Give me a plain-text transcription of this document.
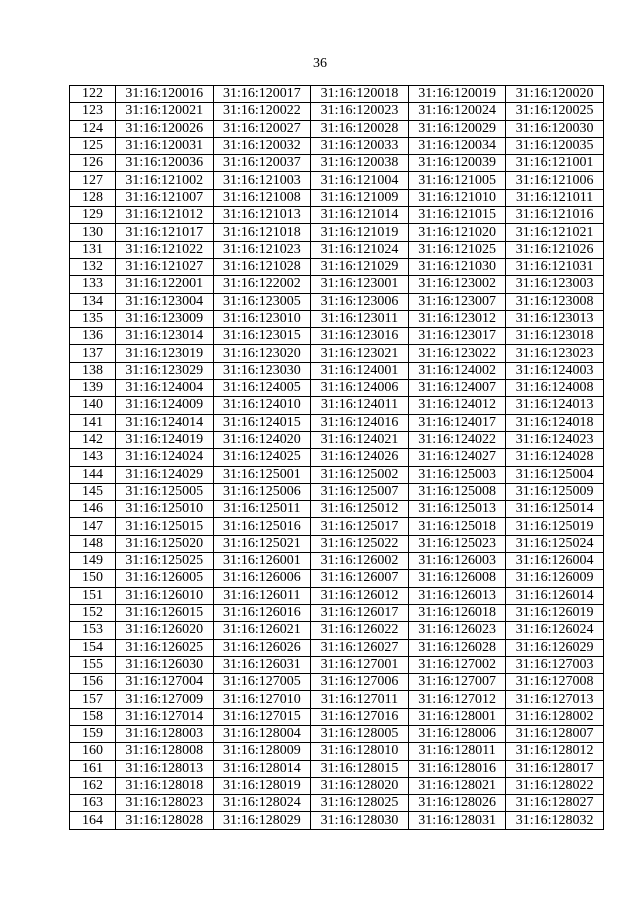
36
122	31:16:120016	31:16:120017	31:16:120018	31:16:120019	31:16:120020
123	31:16:120021	31:16:120022	31:16:120023	31:16:120024	31:16:120025
124	31:16:120026	31:16:120027	31:16:120028	31:16:120029	31:16:120030
125	31:16:120031	31:16:120032	31:16:120033	31:16:120034	31:16:120035
126	31:16:120036	31:16:120037	31:16:120038	31:16:120039	31:16:121001
127	31:16:121002	31:16:121003	31:16:121004	31:16:121005	31:16:121006
128	31:16:121007	31:16:121008	31:16:121009	31:16:121010	31:16:121011
129	31:16:121012	31:16:121013	31:16:121014	31:16:121015	31:16:121016
130	31:16:121017	31:16:121018	31:16:121019	31:16:121020	31:16:121021
131	31:16:121022	31:16:121023	31:16:121024	31:16:121025	31:16:121026
132	31:16:121027	31:16:121028	31:16:121029	31:16:121030	31:16:121031
133	31:16:122001	31:16:122002	31:16:123001	31:16:123002	31:16:123003
134	31:16:123004	31:16:123005	31:16:123006	31:16:123007	31:16:123008
135	31:16:123009	31:16:123010	31:16:123011	31:16:123012	31:16:123013
136	31:16:123014	31:16:123015	31:16:123016	31:16:123017	31:16:123018
137	31:16:123019	31:16:123020	31:16:123021	31:16:123022	31:16:123023
138	31:16:123029	31:16:123030	31:16:124001	31:16:124002	31:16:124003
139	31:16:124004	31:16:124005	31:16:124006	31:16:124007	31:16:124008
140	31:16:124009	31:16:124010	31:16:124011	31:16:124012	31:16:124013
141	31:16:124014	31:16:124015	31:16:124016	31:16:124017	31:16:124018
142	31:16:124019	31:16:124020	31:16:124021	31:16:124022	31:16:124023
143	31:16:124024	31:16:124025	31:16:124026	31:16:124027	31:16:124028
144	31:16:124029	31:16:125001	31:16:125002	31:16:125003	31:16:125004
145	31:16:125005	31:16:125006	31:16:125007	31:16:125008	31:16:125009
146	31:16:125010	31:16:125011	31:16:125012	31:16:125013	31:16:125014
147	31:16:125015	31:16:125016	31:16:125017	31:16:125018	31:16:125019
148	31:16:125020	31:16:125021	31:16:125022	31:16:125023	31:16:125024
149	31:16:125025	31:16:126001	31:16:126002	31:16:126003	31:16:126004
150	31:16:126005	31:16:126006	31:16:126007	31:16:126008	31:16:126009
151	31:16:126010	31:16:126011	31:16:126012	31:16:126013	31:16:126014
152	31:16:126015	31:16:126016	31:16:126017	31:16:126018	31:16:126019
153	31:16:126020	31:16:126021	31:16:126022	31:16:126023	31:16:126024
154	31:16:126025	31:16:126026	31:16:126027	31:16:126028	31:16:126029
155	31:16:126030	31:16:126031	31:16:127001	31:16:127002	31:16:127003
156	31:16:127004	31:16:127005	31:16:127006	31:16:127007	31:16:127008
157	31:16:127009	31:16:127010	31:16:127011	31:16:127012	31:16:127013
158	31:16:127014	31:16:127015	31:16:127016	31:16:128001	31:16:128002
159	31:16:128003	31:16:128004	31:16:128005	31:16:128006	31:16:128007
160	31:16:128008	31:16:128009	31:16:128010	31:16:128011	31:16:128012
161	31:16:128013	31:16:128014	31:16:128015	31:16:128016	31:16:128017
162	31:16:128018	31:16:128019	31:16:128020	31:16:128021	31:16:128022
163	31:16:128023	31:16:128024	31:16:128025	31:16:128026	31:16:128027
164	31:16:128028	31:16:128029	31:16:128030	31:16:128031	31:16:128032
